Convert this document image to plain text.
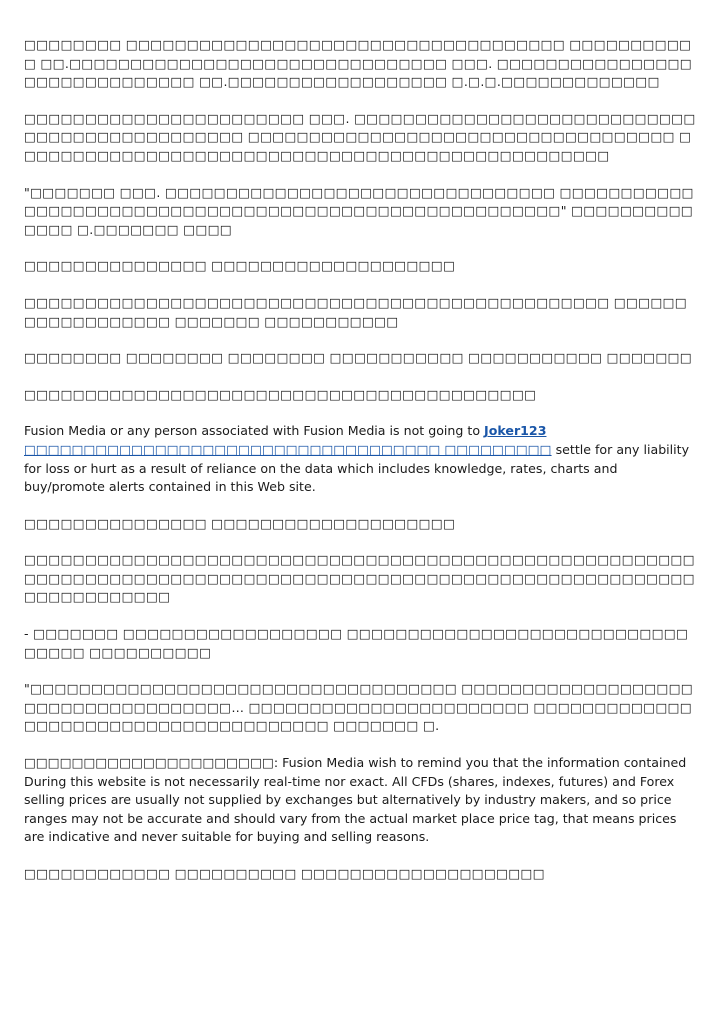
□□□□□□□□ □□□□□□□□□□□□□□□□□□□□□□□□□□□□□□□□□□□□ □□□□□□□□□□□ □□.□□□□□□□□□□□□□□□□□□□□□□□□□□□□□□□ □□□. □□□□□□□□□□□□□□□□□□□□□□□□□□□□□□ □□.□□□□□□□□□□□□□□□□□□ □.□.□.□□□□□□□□□□□□□

□□□□□□□□□□□□□□□□□□□□□□□ □□□. □□□□□□□□□□□□□□□□□□□□□□□□□□□□□□□□□□□□□□□□□□□□□□ □□□□□□□□□□□□□□□□□□□□□□□□□□□□□□□□□□□ □□□□□□□□□□□□□□□□□□□□□□□□□□□□□□□□□□□□□□□□□□□□□□□□□

"□□□□□□□ □□□. □□□□□□□□□□□□□□□□□□□□□□□□□□□□□□□□ □□□□□□□□□□□□□□□□□□□□□□□□□□□□□□□□□□□□□□□□□□□□□□□□□□□□□□□" □□□□□□□□□□□□□□ □.□□□□□□□ □□□□

□□□□□□□□□□□□□□□ □□□□□□□□□□□□□□□□□□□□

□□□□□□□□□□□□□□□□□□□□□□□□□□□□□□□□□□□□□□□□□□□□□□□□ □□□□□□□□□□□□□□□□□□ □□□□□□□ □□□□□□□□□□□

□□□□□□□□ □□□□□□□□ □□□□□□□□ □□□□□□□□□□□ □□□□□□□□□□□ □□□□□□□

□□□□□□□□□□□□□□□□□□□□□□□□□□□□□□□□□□□□□□□□□□

Fusion Media or any person associated with Fusion Media is not going to Joker123 □□□□□□□□□□□□□□□□□□□□□□□□□□□□□□□□□□□ □□□□□□□□□ settle for any liability for loss or hurt as a result of reliance on the data which includes knowledge, rates, charts and buy/promote alerts contained in this Web site.

□□□□□□□□□□□□□□□ □□□□□□□□□□□□□□□□□□□□

□□□□□□□□□□□□□□□□□□□□□□□□□□□□□□□□□□□□□□□□□□□□□□□□□□□□□□□□□□□□□□□□□□□□□□□□□□□□□□□□□□□□□□□□□□□□□□□□□□□□□□□□□□□□□□□□□□□□□□□□□□

- □□□□□□□ □□□□□□□□□□□□□□□□□□ □□□□□□□□□□□□□□□□□□□□□□□□□□□□□□□□□ □□□□□□□□□□

"□□□□□□□□□□□□□□□□□□□□□□□□□□□□□□□□□□□ □□□□□□□□□□□□□□□□□□□□□□□□□□□□□□□□□□□□… □□□□□□□□□□□□□□□□□□□□□□□ □□□□□□□□□□□□□□□□□□□□□□□□□□□□□□□□□□□□□□ □□□□□□□ □.

□□□□□□□□□□□□□□□□□□□□□: Fusion Media wish to remind you that the information contained During this website is not necessarily real-time nor exact. All CFDs (shares, indexes, futures) and Forex selling prices are usually not supplied by exchanges but alternatively by industry makers, and so price ranges may not be accurate and should vary from the actual market place price tag, that means prices are indicative and never suitable for buying and selling reasons.

□□□□□□□□□□□□ □□□□□□□□□□ □□□□□□□□□□□□□□□□□□□□
